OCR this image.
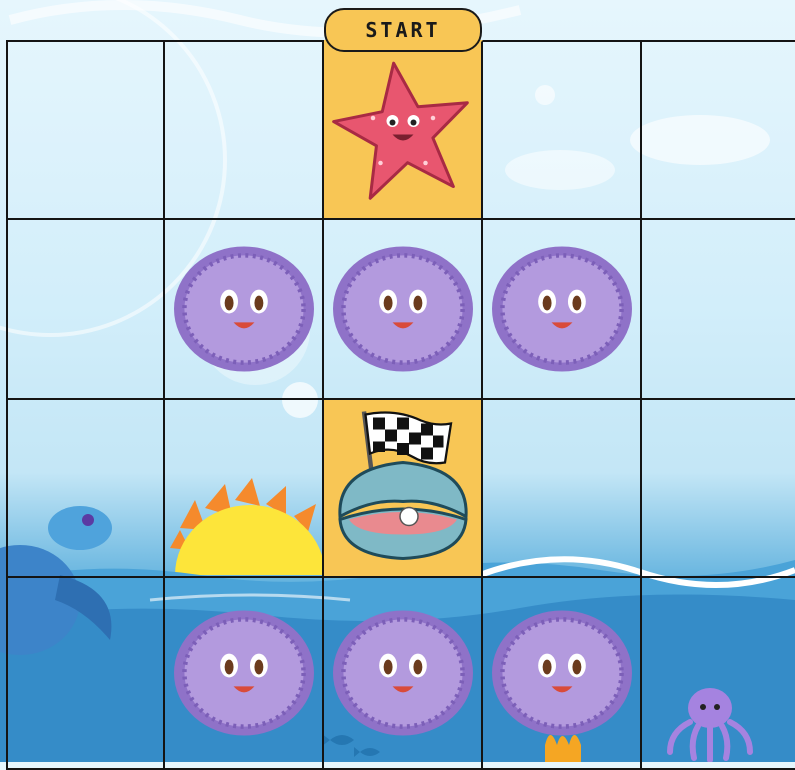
START
